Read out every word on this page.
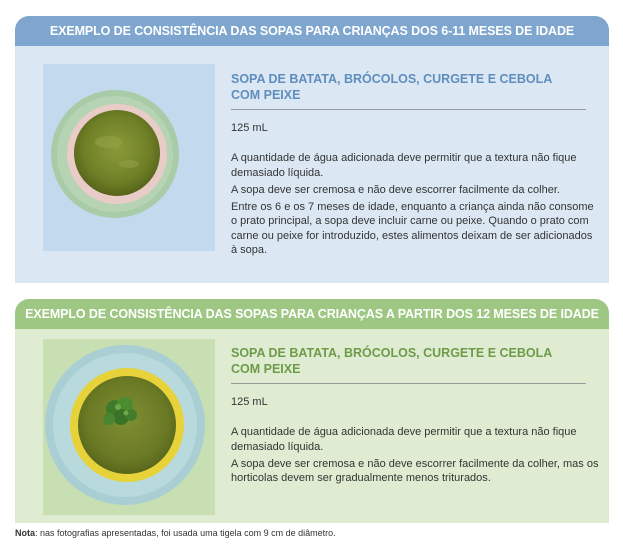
EXEMPLO DE CONSISTÊNCIA DAS SOPAS PARA CRIANÇAS DOS 6-11 MESES DE IDADE
SOPA DE BATATA, BRÓCOLOS, CURGETE E CEBOLA
COM PEIXE
125 mL

A quantidade de água adicionada deve permitir que a textura não fique demasiado líquida.

A sopa deve ser cremosa e não deve escorrer facilmente da colher.

Entre os 6 e os 7 meses de idade, enquanto a criança ainda não consome o prato principal, a sopa deve incluir carne ou peixe. Quando o prato com carne ou peixe for introduzido, estes alimentos deixam de ser adicionados à sopa.

EXEMPLO DE CONSISTÊNCIA DAS SOPAS PARA CRIANÇAS A PARTIR DOS 12 MESES DE IDADE
SOPA DE BATATA, BRÓCOLOS, CURGETE E CEBOLA
COM PEIXE
125 mL

A quantidade de água adicionada deve permitir que a textura não fique demasiado líquida.

A sopa deve ser cremosa e não deve escorrer facilmente da colher, mas os horticolas devem ser gradualmente menos triturados.

Nota: nas fotografias apresentadas, foi usada uma tigela com 9 cm de diâmetro.
